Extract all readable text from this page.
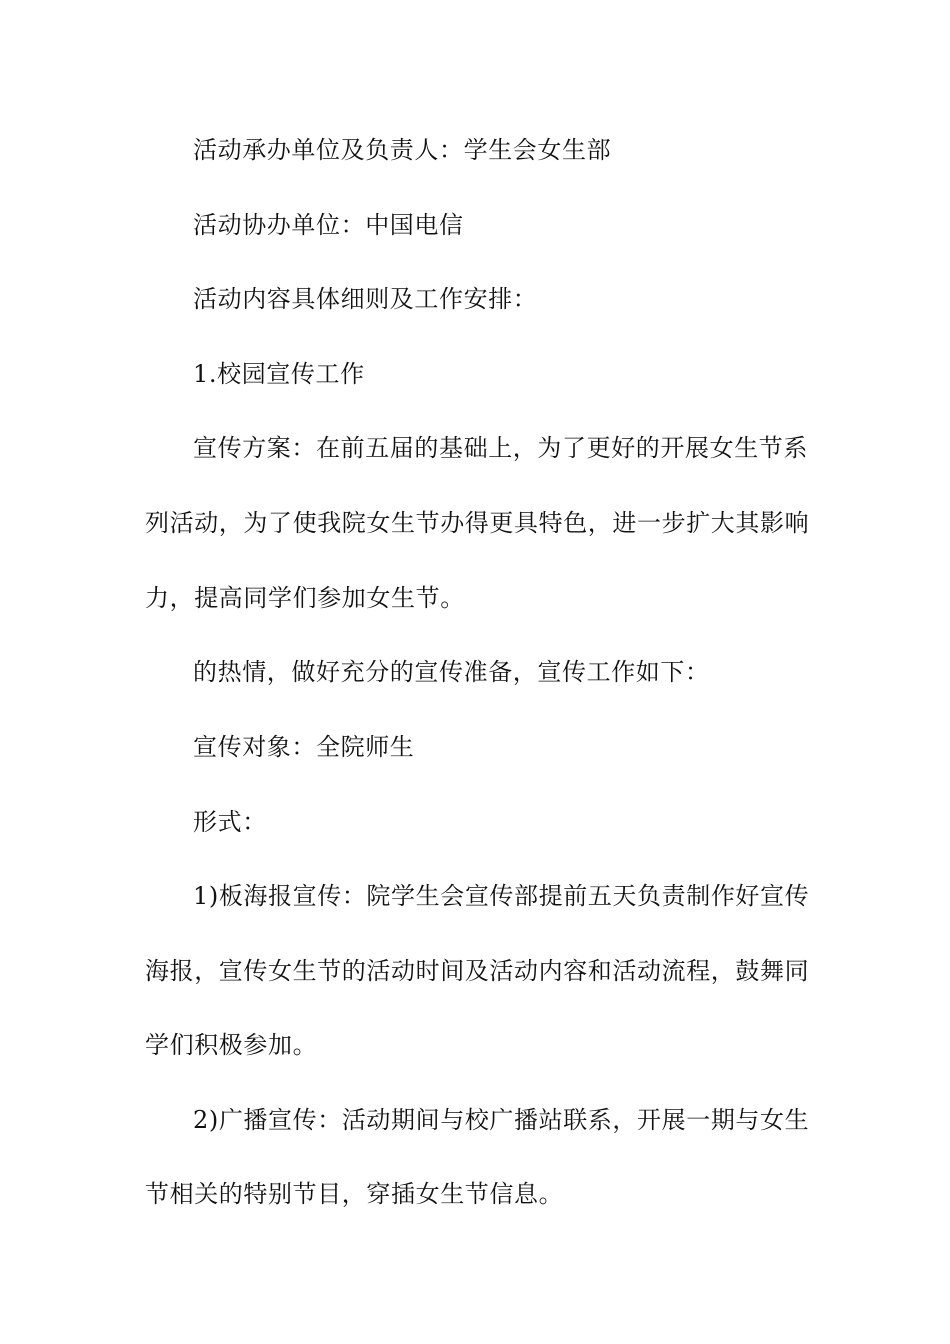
活动承办单位及负责人：学生会女生部
活动协办单位：中国电信
活动内容具体细则及工作安排：
1.校园宣传工作
宣传方案：在前五届的基础上，为了更好的开展女生节系
列活动，为了使我院女生节办得更具特色，进一步扩大其影响
力，提高同学们参加女生节。
的热情，做好充分的宣传准备，宣传工作如下：
宣传对象：全院师生
形式：
1)板海报宣传：院学生会宣传部提前五天负责制作好宣传
海报，宣传女生节的活动时间及活动内容和活动流程，鼓舞同
学们积极参加。
2)广播宣传：活动期间与校广播站联系，开展一期与女生
节相关的特别节目，穿插女生节信息。
